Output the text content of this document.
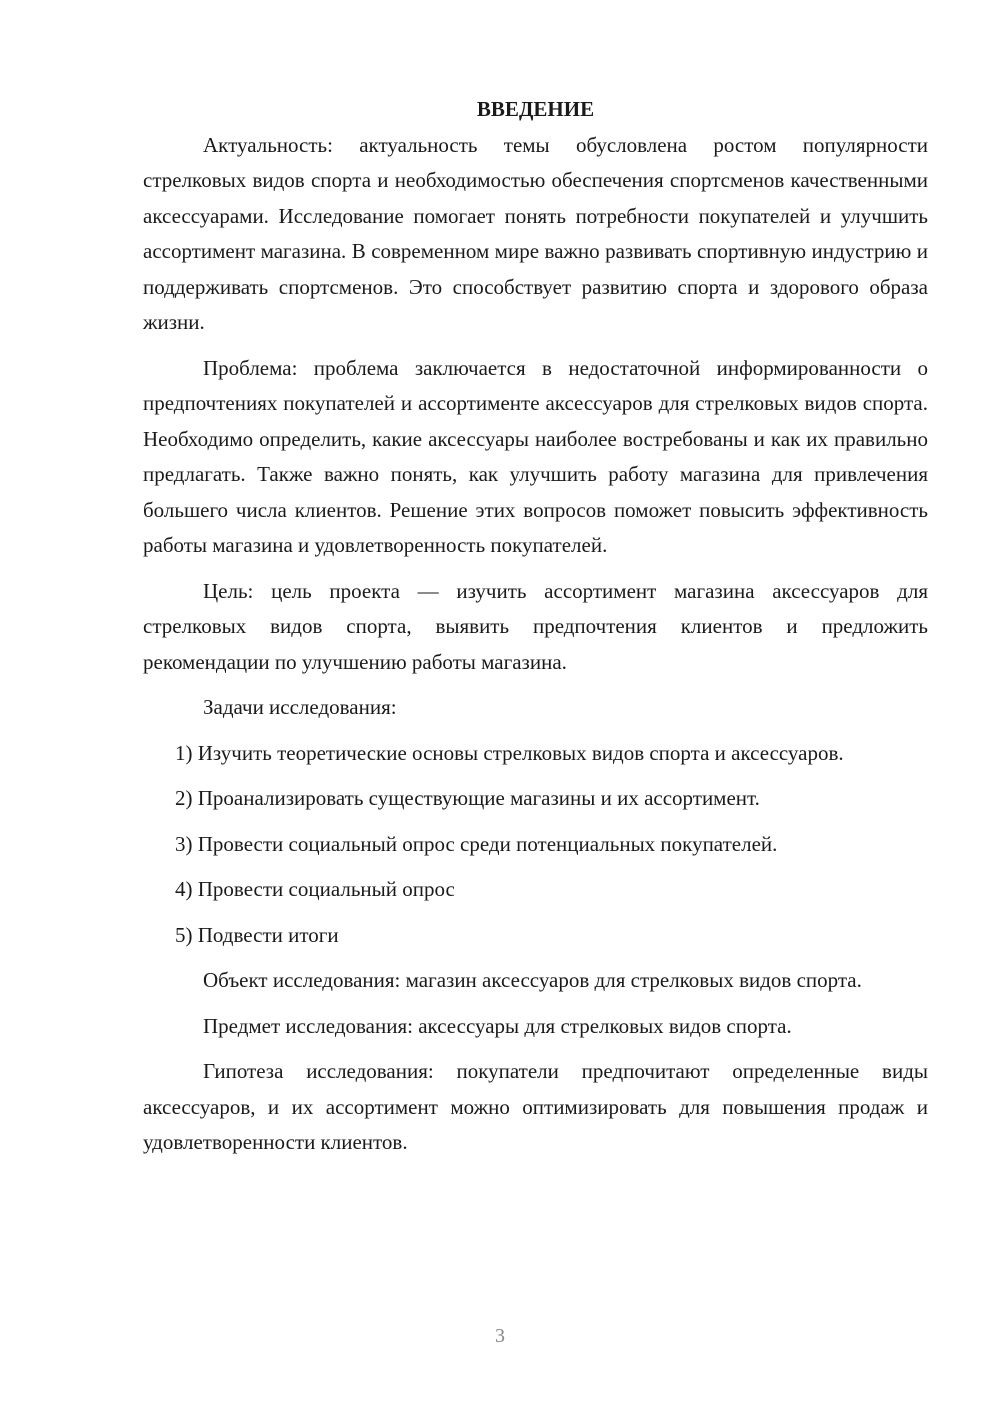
ВВЕДЕНИЕ

Актуальность: актуальность темы обусловлена ростом популярности стрелковых видов спорта и необходимостью обеспечения спортсменов качественными аксессуарами. Исследование помогает понять потребности покупателей и улучшить ассортимент магазина. В современном мире важно развивать спортивную индустрию и поддерживать спортсменов. Это способствует развитию спорта и здорового образа жизни.

Проблема: проблема заключается в недостаточной информированности о предпочтениях покупателей и ассортименте аксессуаров для стрелковых видов спорта. Необходимо определить, какие аксессуары наиболее востребованы и как их правильно предлагать. Также важно понять, как улучшить работу магазина для привлечения большего числа клиентов. Решение этих вопросов поможет повысить эффективность работы магазина и удовлетворенность покупателей.

Цель: цель проекта — изучить ассортимент магазина аксессуаров для стрелковых видов спорта, выявить предпочтения клиентов и предложить рекомендации по улучшению работы магазина.

Задачи исследования:

1) Изучить теоретические основы стрелковых видов спорта и аксессуаров.

2) Проанализировать существующие магазины и их ассортимент.

3) Провести социальный опрос среди потенциальных покупателей.

4) Провести социальный опрос

5) Подвести итоги

Объект исследования: магазин аксессуаров для стрелковых видов спорта.

Предмет исследования: аксессуары для стрелковых видов спорта.

Гипотеза исследования: покупатели предпочитают определенные виды аксессуаров, и их ассортимент можно оптимизировать для повышения продаж и удовлетворенности клиентов.

3
